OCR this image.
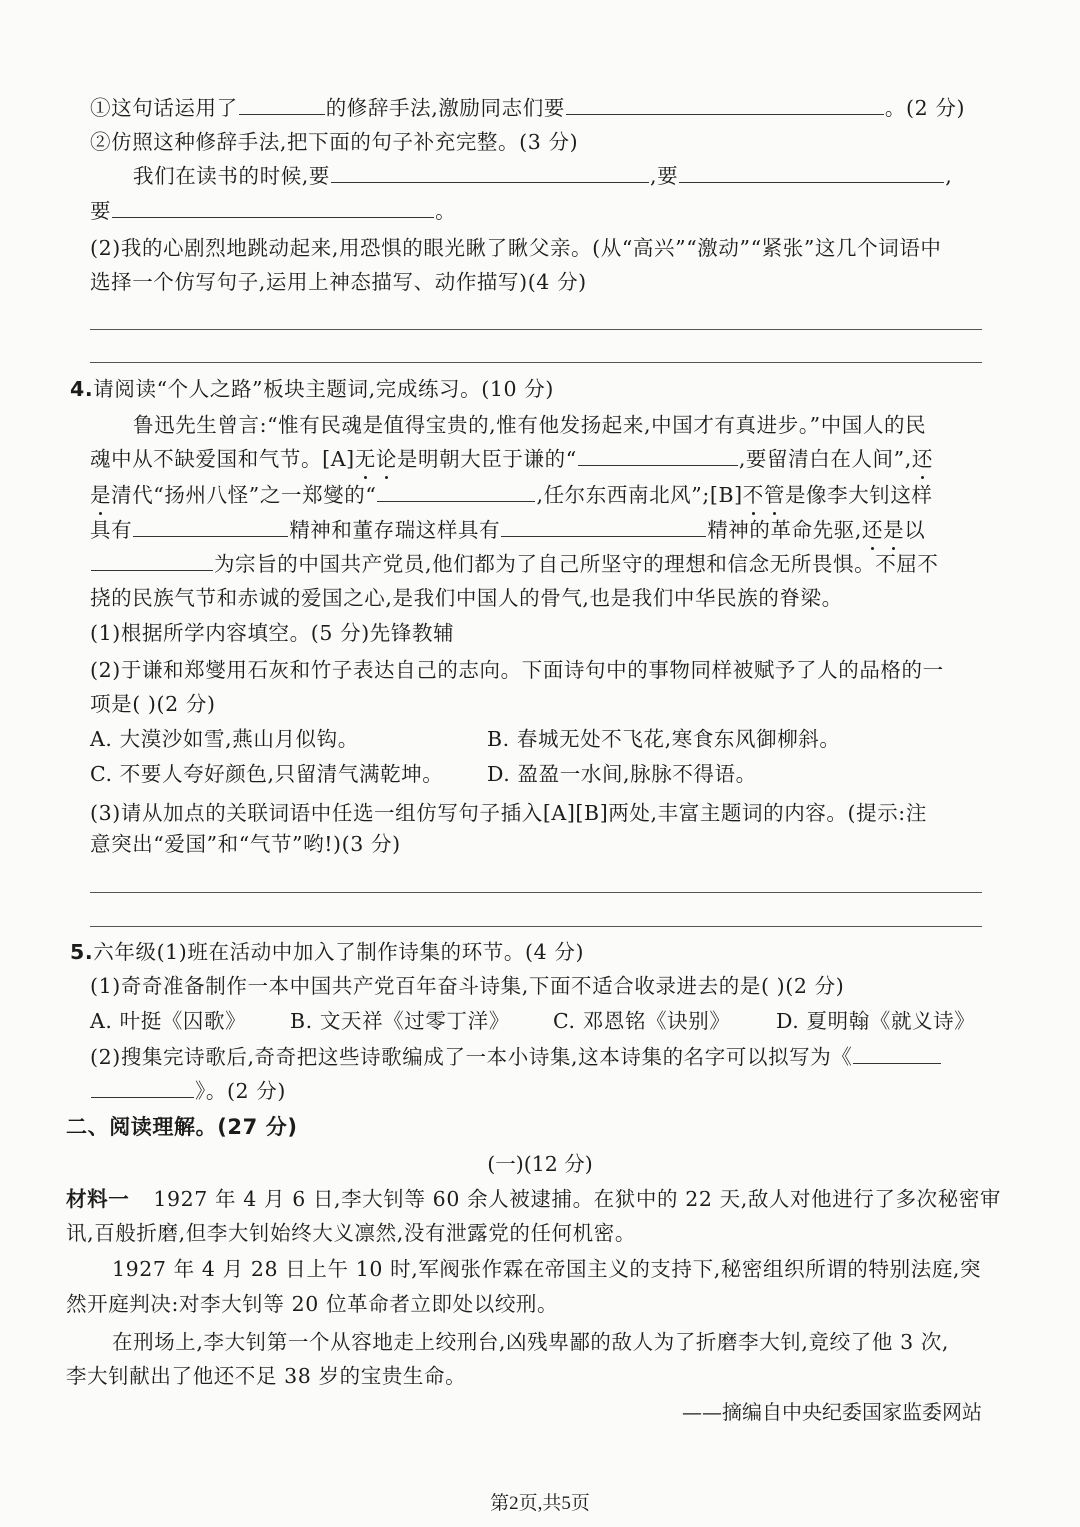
①这句话运用了	的修辞手法,激励同志们要	。(2 分)
②仿照这种修辞手法,把下面的句子补充完整。(3 分)
我们在读书的时候,要	,要	,
要	。
(2)我的心剧烈地跳动起来,用恐惧的眼光瞅了瞅父亲。(从“高兴”“激动”“紧张”这几个词语中
选择一个仿写句子,运用上神态描写、动作描写)(4 分)
4.请阅读“个人之路”板块主题词,完成练习。(10 分)
鲁迅先生曾言:“惟有民魂是值得宝贵的,惟有他发扬起来,中国才有真进步。”中国人的民
魂中从不缺爱国和气节。[A]无论是明朝大臣于谦的“	,要留清白在人间”,还
是清代“扬州八怪”之一郑燮的“	,任尔东西南北风”;[B]不管是像李大钊这样
具有	精神和董存瑞这样具有	精神的革命先驱,还是以
为宗旨的中国共产党员,他们都为了自己所坚守的理想和信念无所畏惧。不屈不
挠的民族气节和赤诚的爱国之心,是我们中国人的骨气,也是我们中华民族的脊梁。
(1)根据所学内容填空。(5 分)先锋教辅
(2)于谦和郑燮用石灰和竹子表达自己的志向。下面诗句中的事物同样被赋予了人的品格的一
项是( )(2 分)
A. 大漠沙如雪,燕山月似钩。	B. 春城无处不飞花,寒食东风御柳斜。
C. 不要人夸好颜色,只留清气满乾坤。 D. 盈盈一水间,脉脉不得语。
(3)请从加点的关联词语中任选一组仿写句子插入[A][B]两处,丰富主题词的内容。(提示:注
意突出“爱国”和“气节”哟!)(3 分)
5.六年级(1)班在活动中加入了制作诗集的环节。(4 分)
(1)奇奇准备制作一本中国共产党百年奋斗诗集,下面不适合收录进去的是( )(2 分)
A. 叶挺《囚歌》 B. 文天祥《过零丁洋》 C. 邓恩铭《诀别》 D. 夏明翰《就义诗》
(2)搜集完诗歌后,奇奇把这些诗歌编成了一本小诗集,这本诗集的名字可以拟写为《
》。(2 分)
二、阅读理解。(27 分)
(一)(12 分)
材料一 1927 年 4 月 6 日,李大钊等 60 余人被逮捕。在狱中的 22 天,敌人对他进行了多次秘密审
讯,百般折磨,但李大钊始终大义凛然,没有泄露党的任何机密。
1927 年 4 月 28 日上午 10 时,军阀张作霖在帝国主义的支持下,秘密组织所谓的特别法庭,突
然开庭判决:对李大钊等 20 位革命者立即处以绞刑。
在刑场上,李大钊第一个从容地走上绞刑台,凶残卑鄙的敌人为了折磨李大钊,竟绞了他 3 次,
李大钊献出了他还不足 38 岁的宝贵生命。
——摘编自中央纪委国家监委网站
第2页,共5页
